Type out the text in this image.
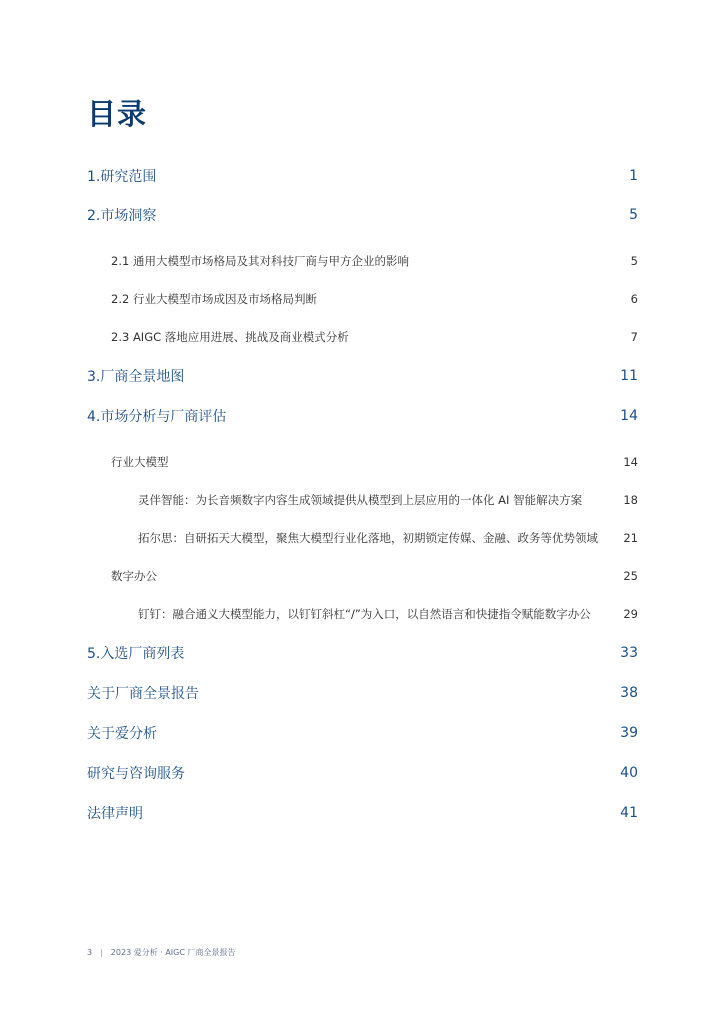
目录
1.研究范围	1
2.市场洞察	5
2.1 通用大模型市场格局及其对科技厂商与甲方企业的影响	5
2.2 行业大模型市场成因及市场格局判断	6
2.3 AIGC 落地应用进展、挑战及商业模式分析	7
3.厂商全景地图	11
4.市场分析与厂商评估	14
行业大模型	14
灵伴智能：为长音频数字内容生成领域提供从模型到上层应用的一体化 AI 智能解决方案	18
拓尔思：自研拓天大模型，聚焦大模型行业化落地，初期锁定传媒、金融、政务等优势领域	21
数字办公	25
钉钉：融合通义大模型能力，以钉钉斜杠“/”为入口，以自然语言和快捷指令赋能数字办公	29
5.入选厂商列表	33
关于厂商全景报告	38
关于爱分析	39
研究与咨询服务	40
法律声明	41
3 | 2023 爱分析 · AIGC 厂商全景报告
